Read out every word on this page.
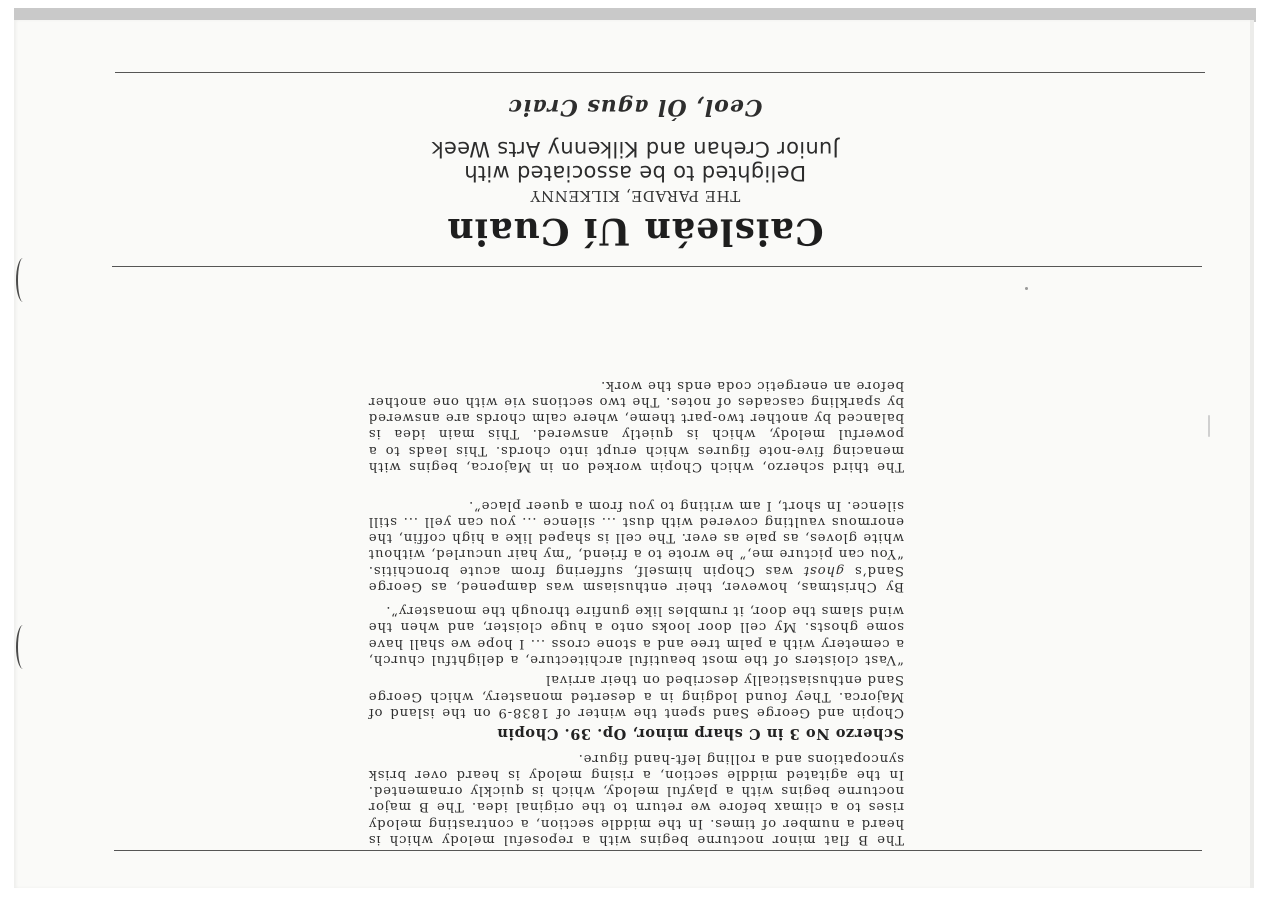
The B flat minor nocturne begins with a reposeful melody which is heard a number of times. In the middle section, a contrasting melody rises to a climax before we return to the original idea. The B major nocturne begins with a playful melody, which is quickly ornamented. In the agitated middle section, a rising melody is heard over brisk syncopations and a rolling left-hand figure.
Scherzo No 3 in C sharp minor, Op. 39. Chopin
Chopin and George Sand spent the winter of 1838-9 on the island of Majorca. They found lodging in a deserted monastery, which George Sand enthusiastically described on their arrival
“Vast cloisters of the most beautiful architecture, a delightful church, a cemetery with a palm tree and a stone cross ... I hope we shall have some ghosts. My cell door looks onto a huge cloister, and when the wind slams the door, it rumbles like gunfire through the monastery”.
By Christmas, however, their enthusiasm was dampened, as George Sand’s ghost was Chopin himself, suffering from acute bronchitis. “You can picture me,” he wrote to a friend, “my hair uncurled, without white gloves, as pale as ever. The cell is shaped like a high coffin, the enormous vaulting covered with dust ... silence ... you can yell ... still silence. In short, I am writing to you from a queer place”.
The third scherzo, which Chopin worked on in Majorca, begins with menacing five-note figures which erupt into chords. This leads to a powerful melody, which is quietly answered. This main idea is balanced by another two-part theme, where calm chords are answered by sparkling cascades of notes. The two sections vie with one another before an energetic coda ends the work.
Caisleán Uí Cuain
THE PARADE, KILKENNY
Delighted to be associated with
Junior Crehan and Kilkenny Arts Week
Ceol, Ól agus Craic
